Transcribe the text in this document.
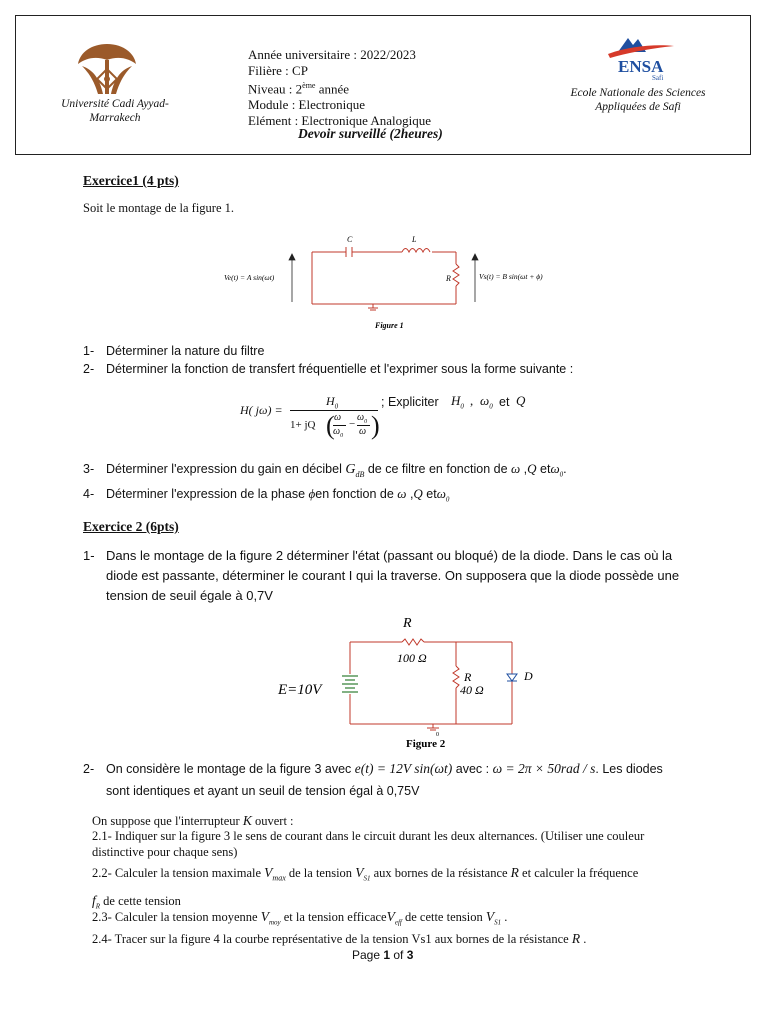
Université Cadi Ayyad-Marrakech
Année universitaire : 2022/2023
Filière : CP
Niveau : 2ème année
Module : Electronique
Elément : Electronique Analogique
Devoir surveillé (2heures)
ENSA
Safi
Ecole Nationale des Sciences Appliquées de Safi
Exercice1 (4 pts)
Soit le montage de la figure 1.
C	L
R
Ve(t) = A sin(ωt)	Vs(t) = B sin(ωt + ϕ)
Figure 1
1- Déterminer la nature du filtre
2- Déterminer la fonction de transfert fréquentielle et l'exprimer sous la forme suivante :
H( jω) =
$H_0$
1+ jQ ( ω
$\omega_0$
−
$\omega_0$
ω )
; Expliciter $H_0$ , $\omega_0$ et Q
3- Déterminer l'expression du gain en décibel $G_{dB}$ de ce filtre en fonction de ω ,Q etω$_0$.
4- Déterminer l'expression de la phase ϕen fonction de ω ,Q etω$_0$
Exercice 2 (6pts)
1- Dans le montage de la figure 2 déterminer l'état (passant ou bloqué) de la diode. Dans le cas où la
diode est passante, déterminer le courant I qui la traverse. On supposera que la diode possède une
tension de seuil égale à 0,7V
R
100 Ω
E=10V
R
40 Ω
D
0
Figure 2
2- On considère le montage de la figure 3 avec e(t) = 12V sin(ωt) avec : ω = 2π × 50rad / s. Les diodes
sont identiques et ayant un seuil de tension égal à 0,75V
On suppose que l'interrupteur K ouvert :
2.1- Indiquer sur la figure 3 le sens de courant dans le circuit durant les deux alternances. (Utiliser une couleur
distinctive pour chaque sens)
2.2- Calculer la tension maximale $V_{max}$ de la tension $V_{S1}$ aux bornes de la résistance R et calculer la fréquence
$f_R$ de cette tension
2.3- Calculer la tension moyenne $V_{moy}$ et la tension efficaceV$_{eff}$ de cette tension $V_{S1}$ .
2.4- Tracer sur la figure 4 la courbe représentative de la tension Vs1 aux bornes de la résistance R .
Page 1 of 3
